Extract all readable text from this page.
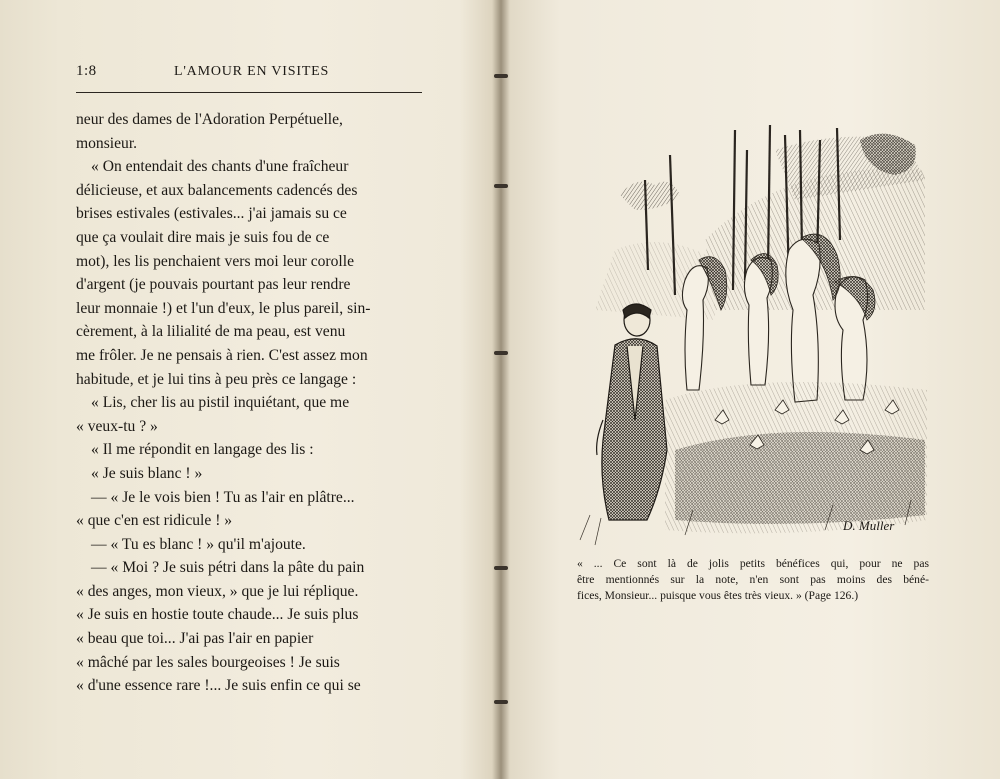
1:8	L'AMOUR EN VISITES
neur des dames de l'Adoration Perpétuelle,
monsieur.
« On entendait des chants d'une fraîcheur
délicieuse, et aux balancements cadencés des
brises estivales (estivales... j'ai jamais su ce
que ça voulait dire mais je suis fou de ce
mot), les lis penchaient vers moi leur corolle
d'argent (je pouvais pourtant pas leur rendre
leur monnaie !) et l'un d'eux, le plus pareil, sin-
cèrement, à la lilialité de ma peau, est venu
me frôler. Je ne pensais à rien. C'est assez mon
habitude, et je lui tins à peu près ce langage :
« Lis, cher lis au pistil inquiétant, que me
« veux-tu ? »
« Il me répondit en langage des lis :
« Je suis blanc ! »
— « Je le vois bien ! Tu as l'air en plâtre...
« que c'en est ridicule ! »
— « Tu es blanc ! » qu'il m'ajoute.
— « Moi ? Je suis pétri dans la pâte du pain
« des anges, mon vieux, » que je lui réplique.
« Je suis en hostie toute chaude... Je suis plus
« beau que toi... J'ai pas l'air en papier
« mâché par les sales bourgeoises ! Je suis
« d'une essence rare !... Je suis enfin ce qui se
D. Muller
« ... Ce sont là de jolis petits bénéfices qui, pour ne pas
être mentionnés sur la note, n'en sont pas moins des béné-
fices, Monsieur... puisque vous êtes très vieux. » (Page 126.)
